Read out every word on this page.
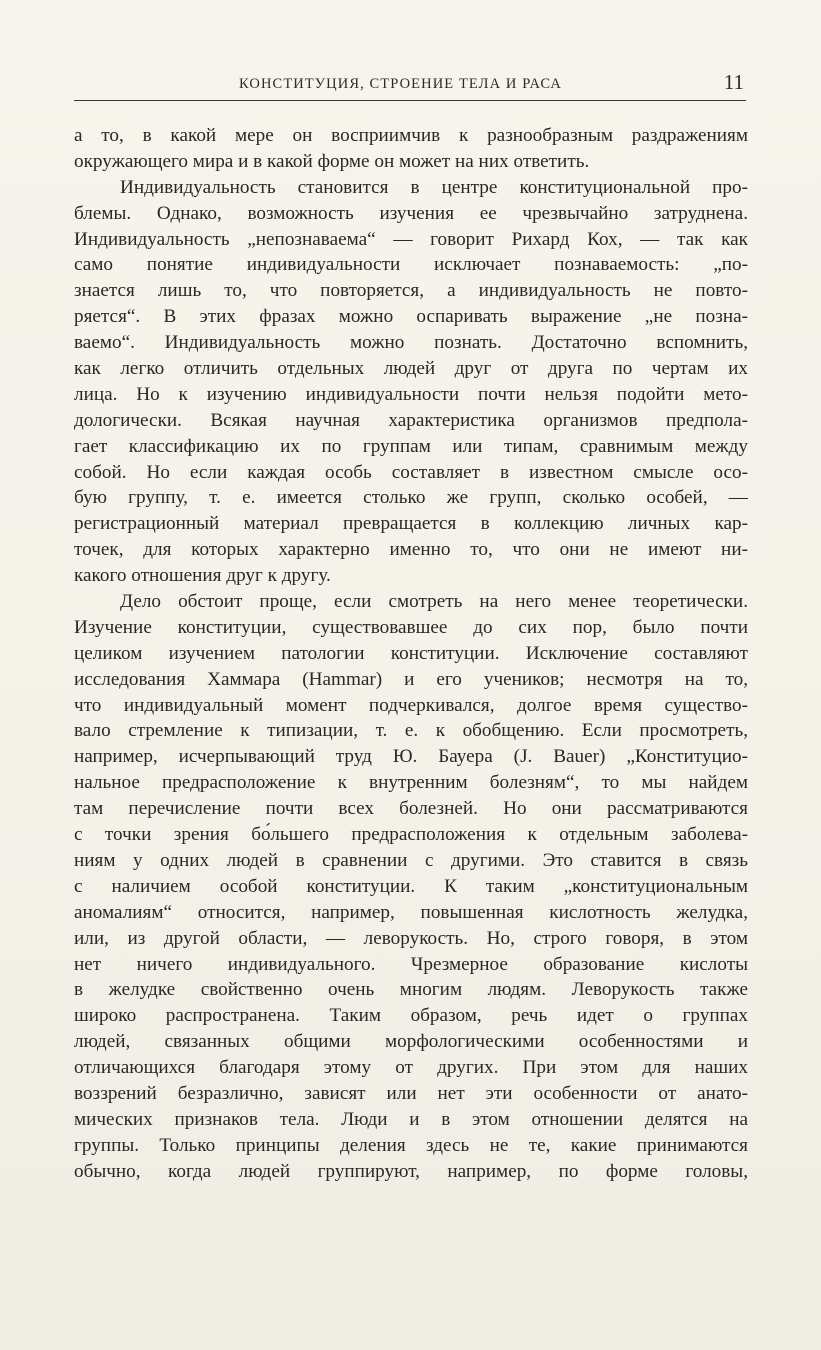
КОНСТИТУЦИЯ, СТРОЕНИЕ ТЕЛА И РАСА	11
а то, в какой мере он восприимчив к разнообразным раздражениям
окружающего мира и в какой форме он может на них ответить.
Индивидуальность становится в центре конституциональной про-
блемы. Однако, возможность изучения ее чрезвычайно затруднена.
Индивидуальность „непознаваема“ — говорит Рихард Кох, — так как
само понятие индивидуальности исключает познаваемость: „по-
знается лишь то, что повторяется, а индивидуальность не повто-
ряется“. В этих фразах можно оспаривать выражение „не позна-
ваемо“. Индивидуальность можно познать. Достаточно вспомнить,
как легко отличить отдельных людей друг от друга по чертам их
лица. Но к изучению индивидуальности почти нельзя подойти мето-
дологически. Всякая научная характеристика организмов предпола-
гает классификацию их по группам или типам, сравнимым между
собой. Но если каждая особь составляет в известном смысле осо-
бую группу, т. е. имеется столько же групп, сколько особей, —
регистрационный материал превращается в коллекцию личных кар-
точек, для которых характерно именно то, что они не имеют ни-
какого отношения друг к другу.
Дело обстоит проще, если смотреть на него менее теоретически.
Изучение конституции, существовавшее до сих пор, было почти
целиком изучением патологии конституции. Исключение составляют
исследования Хаммара (Hammar) и его учеников; несмотря на то,
что индивидуальный момент подчеркивался, долгое время существо-
вало стремление к типизации, т. е. к обобщению. Если просмотреть,
например, исчерпывающий труд Ю. Бауера (J. Bauer) „Конституцио-
нальное предрасположение к внутренним болезням“, то мы найдем
там перечисление почти всех болезней. Но они рассматриваются
с точки зрения бо́льшего предрасположения к отдельным заболева-
ниям у одних людей в сравнении с другими. Это ставится в связь
с наличием особой конституции. К таким „конституциональным
аномалиям“ относится, например, повышенная кислотность желудка,
или, из другой области, — леворукость. Но, строго говоря, в этом
нет ничего индивидуального. Чрезмерное образование кислоты
в желудке свойственно очень многим людям. Леворукость также
широко распространена. Таким образом, речь идет о группах
людей, связанных общими морфологическими особенностями и
отличающихся благодаря этому от других. При этом для наших
воззрений безразлично, зависят или нет эти особенности от анато-
мических признаков тела. Люди и в этом отношении делятся на
группы. Только принципы деления здесь не те, какие принимаются
обычно, когда людей группируют, например, по форме головы,
